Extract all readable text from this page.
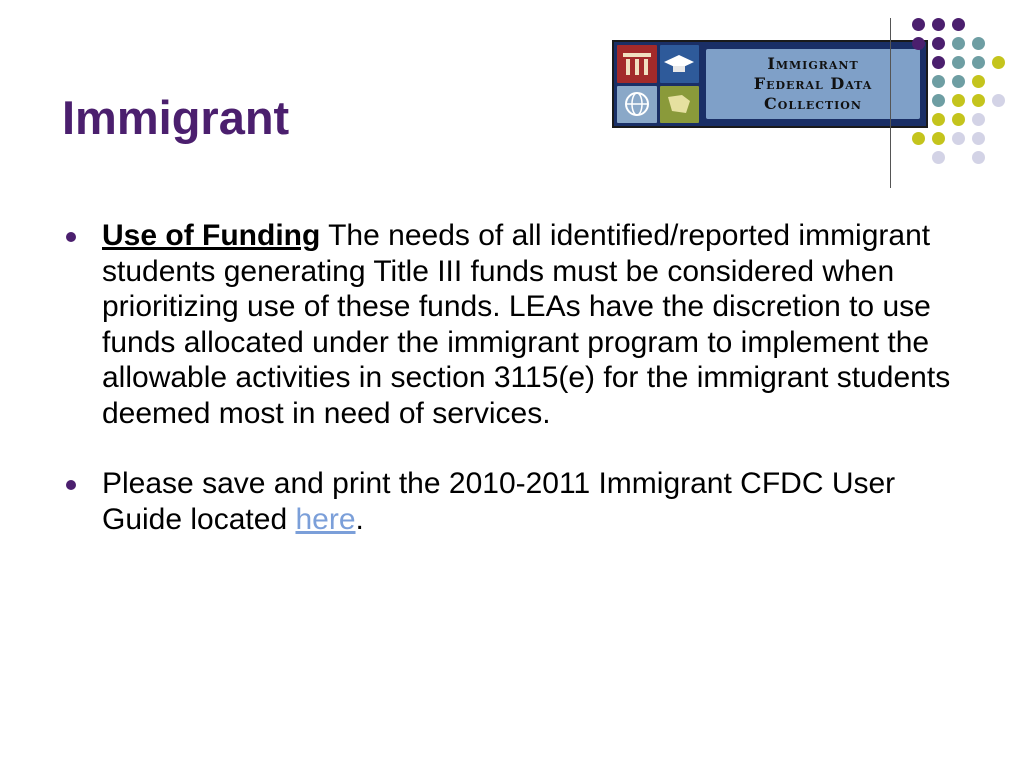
Immigrant
Immigrant
Federal Data
Collection
Use of Funding The needs of all identified/reported immigrant students generating Title III funds must be considered when prioritizing use of these funds. LEAs have the discretion to use funds allocated under the immigrant program to implement the allowable activities in section 3115(e) for the immigrant students deemed most in need of services.
Please save and print the 2010-2011 Immigrant CFDC User Guide located here.
